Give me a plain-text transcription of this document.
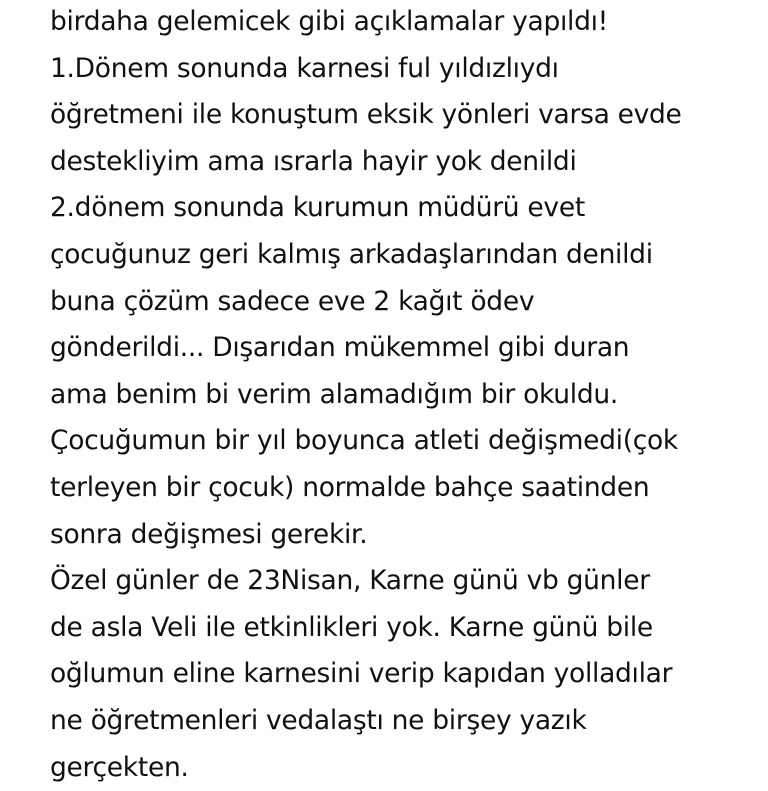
birdaha gelemicek gibi açıklamalar yapıldı!
1.Dönem sonunda karnesi ful yıldızlıydı
öğretmeni ile konuştum eksik yönleri varsa evde
destekliyim ama ısrarla hayir yok denildi
2.dönem sonunda kurumun müdürü evet
çocuğunuz geri kalmış arkadaşlarından denildi
buna çözüm sadece eve 2 kağıt ödev
gönderildi... Dışarıdan mükemmel gibi duran
ama benim bi verim alamadığım bir okuldu.
Çocuğumun bir yıl boyunca atleti değişmedi(çok
terleyen bir çocuk) normalde bahçe saatinden
sonra değişmesi gerekir.
Özel günler de 23Nisan, Karne günü vb günler
de asla Veli ile etkinlikleri yok. Karne günü bile
oğlumun eline karnesini verip kapıdan yolladılar
ne öğretmenleri vedalaştı ne birşey yazık
gerçekten.
